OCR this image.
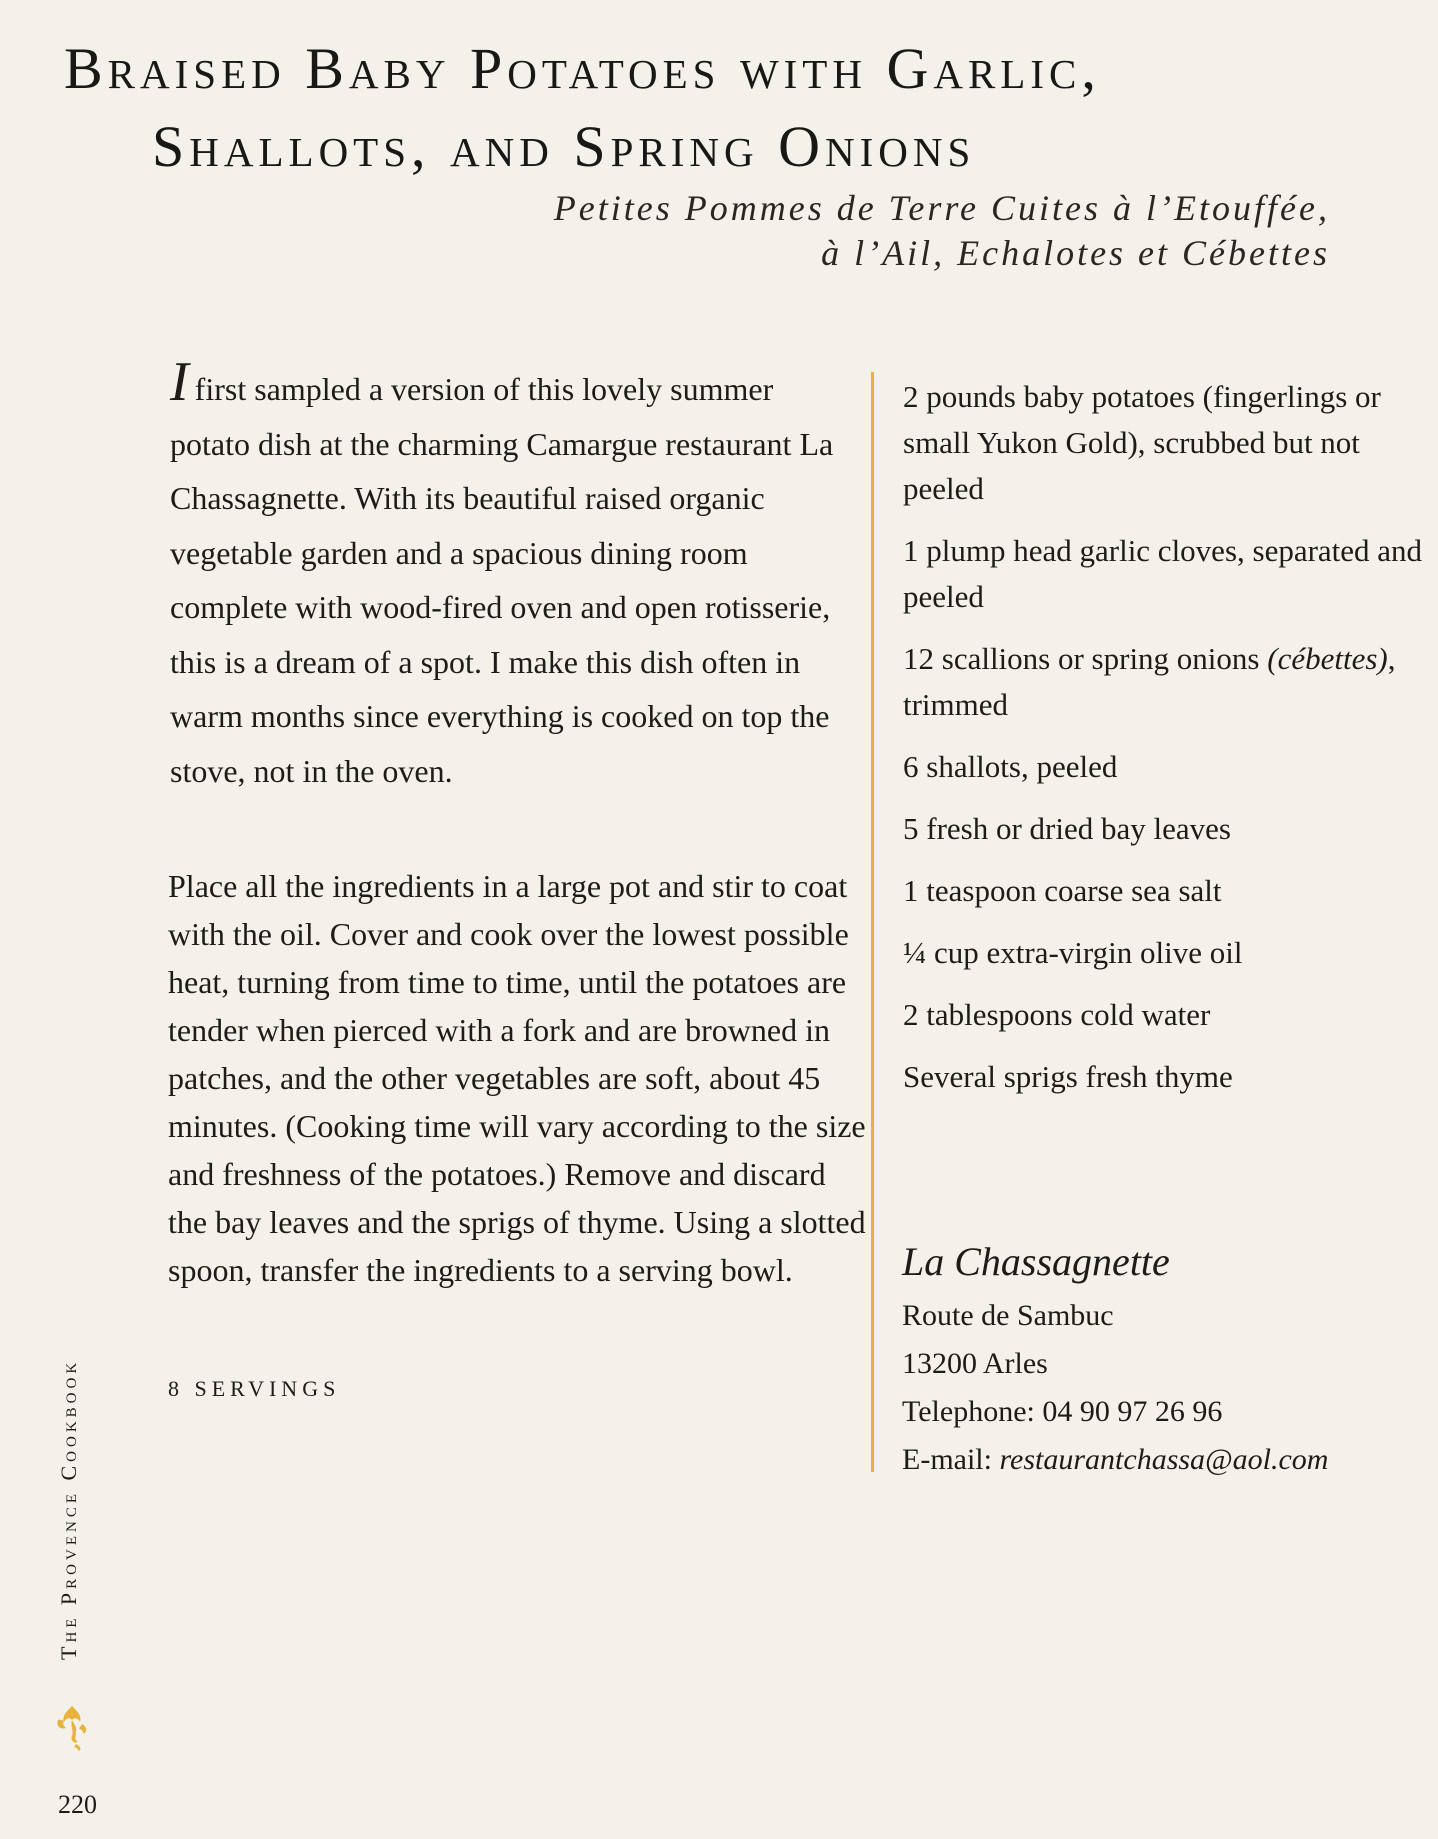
Braised Baby Potatoes with Garlic,
Shallots, and Spring Onions
Petites Pommes de Terre Cuites à l’Etouffée,
à l’Ail, Echalotes et Cébettes

Ifirst sampled a version of this lovely summer potato dish at the charming Camargue restaurant La Chassagnette. With its beautiful raised organic vegetable garden and a spacious dining room complete with wood-fired oven and open rotisserie, this is a dream of a spot. I make this dish often in warm months since everything is cooked on top the stove, not in the oven.

Place all the ingredients in a large pot and stir to coat with the oil. Cover and cook over the lowest possible heat, turning from time to time, until the potatoes are tender when pierced with a fork and are browned in patches, and the other vegetables are soft, about 45 minutes. (Cooking time will vary according to the size and freshness of the potatoes.) Remove and discard the bay leaves and the sprigs of thyme. Using a slotted spoon, transfer the ingredients to a serving bowl.

8 SERVINGS

2 pounds baby potatoes (fingerlings or small Yukon Gold), scrubbed but not peeled
1 plump head garlic cloves, separated and peeled
12 scallions or spring onions (cébettes), trimmed
6 shallots, peeled
5 fresh or dried bay leaves
1 teaspoon coarse sea salt
¼ cup extra-virgin olive oil
2 tablespoons cold water
Several sprigs fresh thyme

La Chassagnette

Route de Sambuc

13200 Arles

Telephone: 04 90 97 26 96

E-mail: restaurantchassa@aol.com

The Provence Cookbook

220
